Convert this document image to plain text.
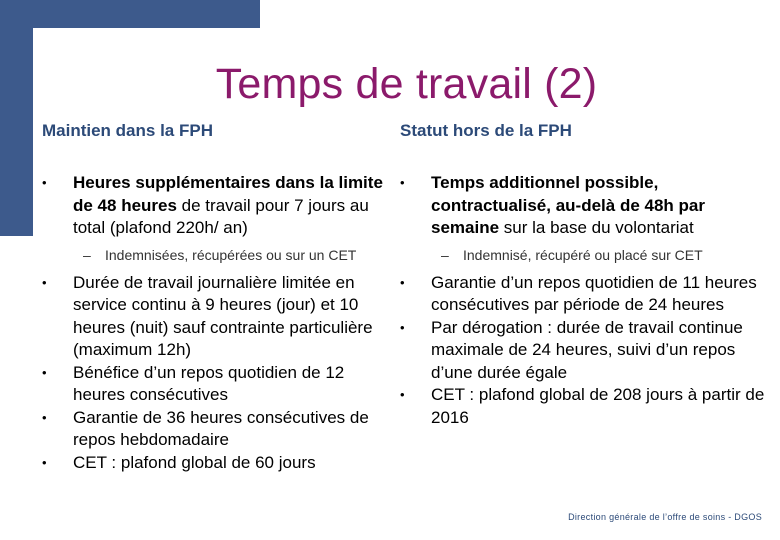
Temps de travail (2)
Maintien dans la FPH
• Heures supplémentaires dans la limite de 48 heures de travail pour 7 jours au total (plafond 220h/ an)
– Indemnisées, récupérées ou sur un CET
• Durée de travail journalière limitée en service continu à 9 heures (jour) et 10 heures (nuit) sauf contrainte particulière (maximum 12h)
• Bénéfice d’un repos quotidien de 12 heures consécutives
• Garantie de 36 heures consécutives de repos hebdomadaire
• CET : plafond global de 60 jours
Statut hors de la FPH
• Temps additionnel possible, contractualisé, au-delà de 48h par semaine sur la base du volontariat
– Indemnisé, récupéré ou placé sur CET
• Garantie d’un repos quotidien de 11 heures consécutives par période de 24 heures
• Par dérogation : durée de travail continue maximale de 24 heures, suivi d’un repos d’une durée égale
• CET : plafond global de 208 jours à partir de 2016
Direction générale de l’offre de soins - DGOS
